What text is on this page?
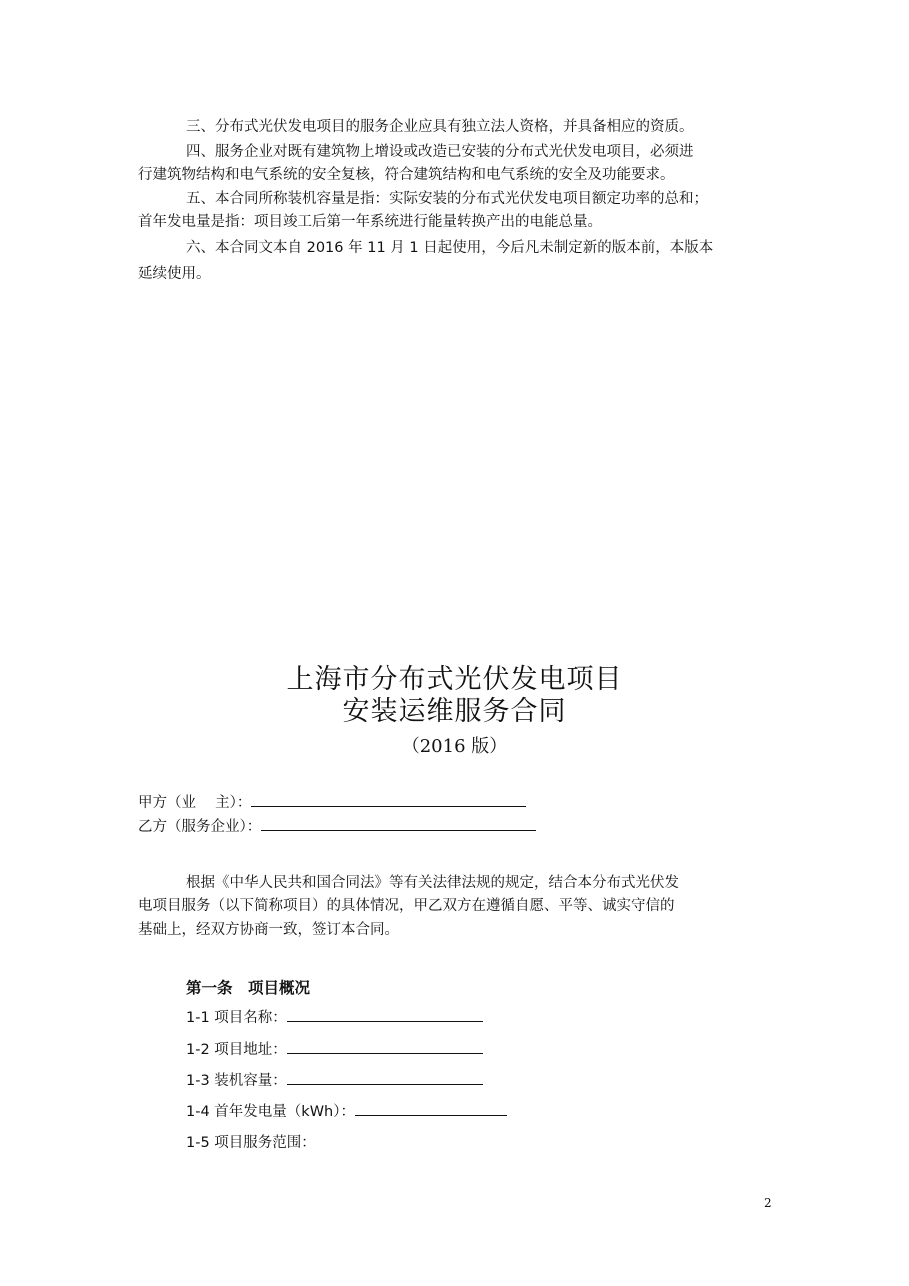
三、分布式光伏发电项目的服务企业应具有独立法人资格，并具备相应的资质。
四、服务企业对既有建筑物上增设或改造已安装的分布式光伏发电项目，必须进
行建筑物结构和电气系统的安全复核，符合建筑结构和电气系统的安全及功能要求。
五、本合同所称装机容量是指：实际安装的分布式光伏发电项目额定功率的总和；
首年发电量是指：项目竣工后第一年系统进行能量转换产出的电能总量。
六、本合同文本自 2016 年 11 月 1 日起使用，今后凡未制定新的版本前，本版本
延续使用。
上海市分布式光伏发电项目
安装运维服务合同
（2016 版）
甲方（业　 主）：
乙方（服务企业）：
根据《中华人民共和国合同法》等有关法律法规的规定，结合本分布式光伏发
电项目服务（以下简称项目）的具体情况，甲乙双方在遵循自愿、平等、诚实守信的
基础上，经双方协商一致，签订本合同。
第一条　项目概况
1-1 项目名称：
1-2 项目地址：
1-3 装机容量：
1-4 首年发电量（kWh）：
1-5 项目服务范围：
2
